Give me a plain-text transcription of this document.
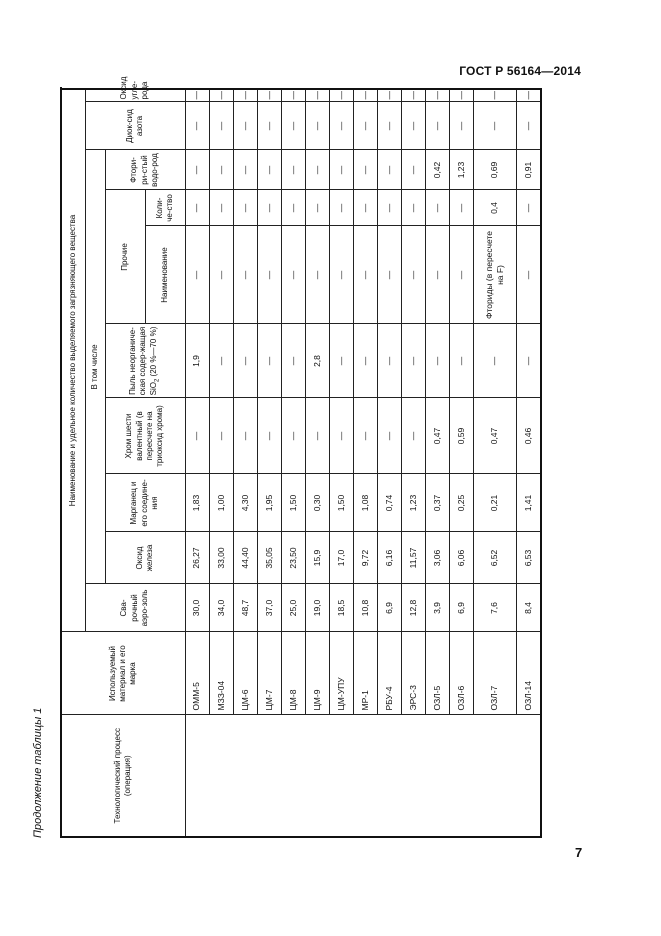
ГОСТ Р 56164—2014
Продолжение таблицы 1	Технологический процесс (операция)	Используемый материал и его марка	Наименование и удельное количество выделяемого загрязняющего вещества									
		Сва-рочный аэро-золь	В том числе							Диок-сид азота	Оксид угле-рода
			Оксид железа	Марганец и его соедине-ния	Хром шести валентный (в пересчете на триоксид хрома)	Пыль неорганиче-ская содер-жащая SiO$_2$ (20 %—70 %)	Прочие		Фтори-ри-стый водо-род		
							Наименование	Коли-че-ство			
	ОММ-5	30,0	26,27	1,83	—	1,9	—	—	—	—	—
	МЗЗ-04	34,0	33,00	1,00	—	—	—	—	—	—	—
	ЦМ-6	48,7	44,40	4,30	—	—	—	—	—	—	—
	ЦМ-7	37,0	35,05	1,95	—	—	—	—	—	—	—
	ЦМ-8	25,0	23,50	1,50	—	—	—	—	—	—	—
	ЦМ-9	19,0	15,9	0,30	—	2,8	—	—	—	—	—
	ЦМ-УПУ	18,5	17,0	1,50	—	—	—	—	—	—	—
	МР-1	10,8	9,72	1,08	—	—	—	—	—	—	—
	РБУ-4	6,9	6,16	0,74	—	—	—	—	—	—	—
	ЭРС-3	12,8	11,57	1,23	—	—	—	—	—	—	—
	ОЗЛ-5	3,9	3,06	0,37	0,47	—	—	—	0,42	—	—
	ОЗЛ-6	6,9	6,06	0,25	0,59	—	—	—	1,23	—	—
	ОЗЛ-7	7,6	6,52	0,21	0,47	—	Фториды (в пересчете на F)	0,4	0,69	—	—
	ОЗЛ-14	8,4	6,53	1,41	0,46	—	—	—	0,91	—	—
7
